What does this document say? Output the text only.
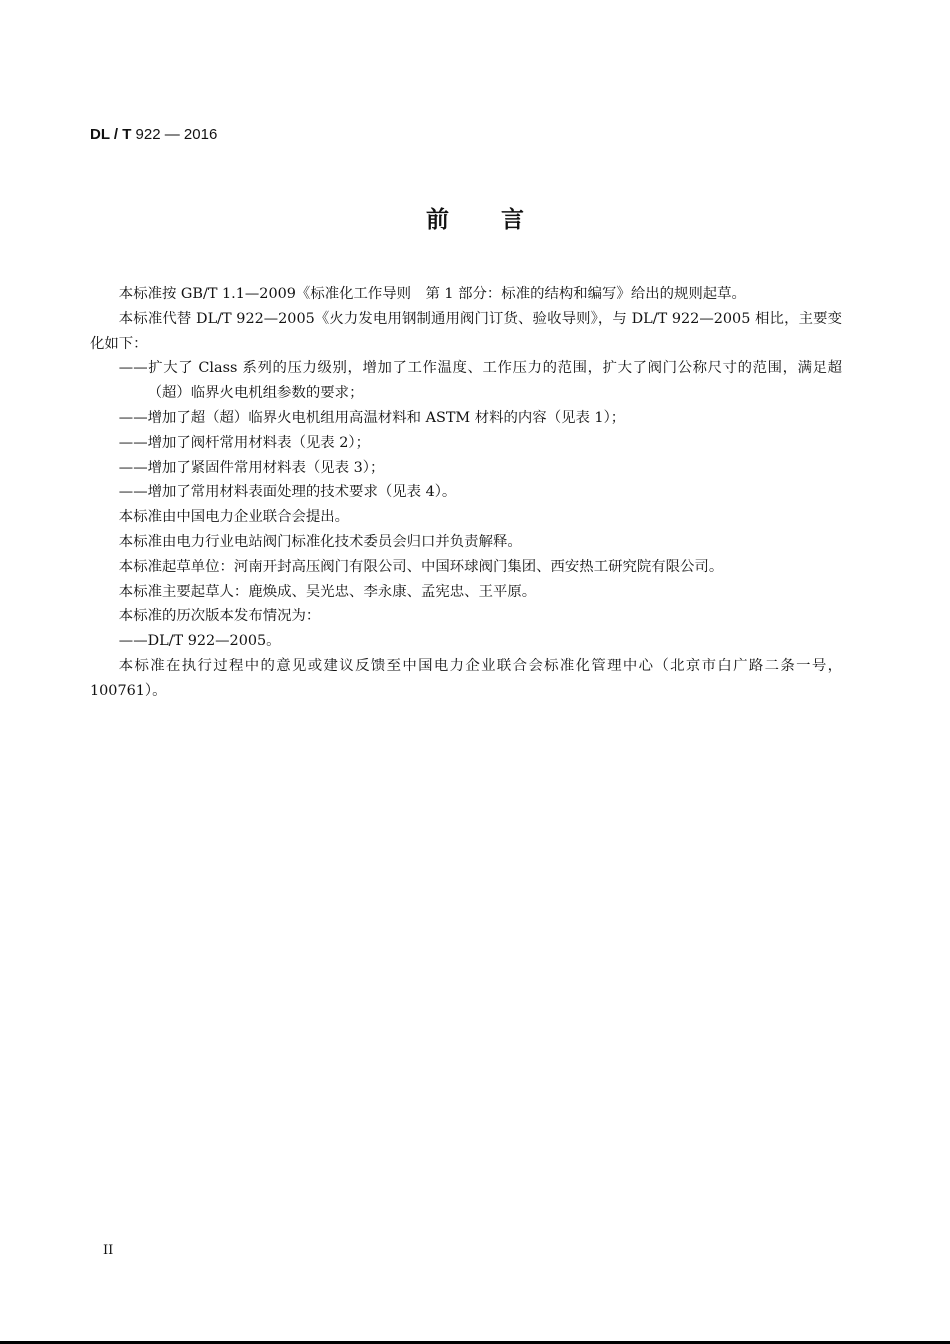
DL / T 922 — 2016
前言

本标准按 GB/T 1.1—2009《标准化工作导则　第 1 部分：标准的结构和编写》给出的规则起草。

本标准代替 DL/T 922—2005《火力发电用钢制通用阀门订货、验收导则》，与 DL/T 922—2005 相比，主要变化如下：

——扩大了 Class 系列的压力级别，增加了工作温度、工作压力的范围，扩大了阀门公称尺寸的范围，满足超（超）临界火电机组参数的要求；

——增加了超（超）临界火电机组用高温材料和 ASTM 材料的内容（见表 1）；

——增加了阀杆常用材料表（见表 2）；

——增加了紧固件常用材料表（见表 3）；

——增加了常用材料表面处理的技术要求（见表 4）。

本标准由中国电力企业联合会提出。

本标准由电力行业电站阀门标准化技术委员会归口并负责解释。

本标准起草单位：河南开封高压阀门有限公司、中国环球阀门集团、西安热工研究院有限公司。

本标准主要起草人：鹿焕成、吴光忠、李永康、孟宪忠、王平原。

本标准的历次版本发布情况为：

——DL/T 922—2005。

本标准在执行过程中的意见或建议反馈至中国电力企业联合会标准化管理中心（北京市白广路二条一号，100761）。

II
